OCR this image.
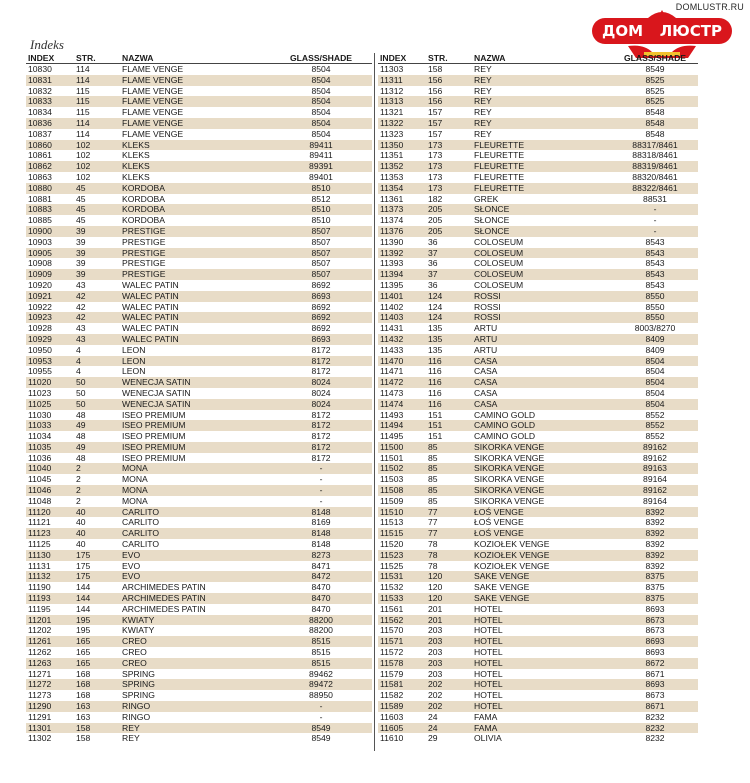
DOMLUSTR.RU
ДОМ ЛЮСТР
Indeks
INDEX	STR.	NAZWA	GLASS/SHADE
10830	114	FLAME VENGE	8504
10831	114	FLAME VENGE	8504
10832	115	FLAME VENGE	8504
10833	115	FLAME VENGE	8504
10834	115	FLAME VENGE	8504
10836	114	FLAME VENGE	8504
10837	114	FLAME VENGE	8504
10860	102	KLEKS	89411
10861	102	KLEKS	89411
10862	102	KLEKS	89391
10863	102	KLEKS	89401
10880	45	KORDOBA	8510
10881	45	KORDOBA	8512
10883	45	KORDOBA	8510
10885	45	KORDOBA	8510
10900	39	PRESTIGE	8507
10903	39	PRESTIGE	8507
10905	39	PRESTIGE	8507
10908	39	PRESTIGE	8507
10909	39	PRESTIGE	8507
10920	43	WALEC PATIN	8692
10921	42	WALEC PATIN	8693
10922	42	WALEC PATIN	8692
10923	42	WALEC PATIN	8692
10928	43	WALEC PATIN	8692
10929	43	WALEC PATIN	8693
10950	4	LEON	8172
10953	4	LEON	8172
10955	4	LEON	8172
11020	50	WENECJA SATIN	8024
11023	50	WENECJA SATIN	8024
11025	50	WENECJA SATIN	8024
11030	48	ISEO PREMIUM	8172
11033	49	ISEO PREMIUM	8172
11034	48	ISEO PREMIUM	8172
11035	49	ISEO PREMIUM	8172
11036	48	ISEO PREMIUM	8172
11040	2	MONA	-
11045	2	MONA	-
11046	2	MONA	-
11048	2	MONA	-
11120	40	CARLITO	8148
11121	40	CARLITO	8169
11123	40	CARLITO	8148
11125	40	CARLITO	8148
11130	175	EVO	8273
11131	175	EVO	8471
11132	175	EVO	8472
11190	144	ARCHIMEDES PATIN	8470
11193	144	ARCHIMEDES PATIN	8470
11195	144	ARCHIMEDES PATIN	8470
11201	195	KWIATY	88200
11202	195	KWIATY	88200
11261	165	CREO	8515
11262	165	CREO	8515
11263	165	CREO	8515
11271	168	SPRING	89462
11272	168	SPRING	89472
11273	168	SPRING	88950
11290	163	RINGO	-
11291	163	RINGO	-
11301	158	REY	8549
11302	158	REY	8549
INDEX	STR.	NAZWA	GLASS/SHADE
11303	158	REY	8549
11311	156	REY	8525
11312	156	REY	8525
11313	156	REY	8525
11321	157	REY	8548
11322	157	REY	8548
11323	157	REY	8548
11350	173	FLEURETTE	88317/8461
11351	173	FLEURETTE	88318/8461
11352	173	FLEURETTE	88319/8461
11353	173	FLEURETTE	88320/8461
11354	173	FLEURETTE	88322/8461
11361	182	GREK	88531
11373	205	SŁONCE	-
11374	205	SŁONCE	-
11376	205	SŁONCE	-
11390	36	COLOSEUM	8543
11392	37	COLOSEUM	8543
11393	36	COLOSEUM	8543
11394	37	COLOSEUM	8543
11395	36	COLOSEUM	8543
11401	124	ROSSI	8550
11402	124	ROSSI	8550
11403	124	ROSSI	8550
11431	135	ARTU	8003/8270
11432	135	ARTU	8409
11433	135	ARTU	8409
11470	116	CASA	8504
11471	116	CASA	8504
11472	116	CASA	8504
11473	116	CASA	8504
11474	116	CASA	8504
11493	151	CAMINO GOLD	8552
11494	151	CAMINO GOLD	8552
11495	151	CAMINO GOLD	8552
11500	85	SIKORKA VENGE	89162
11501	85	SIKORKA VENGE	89162
11502	85	SIKORKA VENGE	89163
11503	85	SIKORKA VENGE	89164
11508	85	SIKORKA VENGE	89162
11509	85	SIKORKA VENGE	89164
11510	77	ŁOŚ VENGE	8392
11513	77	ŁOŚ VENGE	8392
11515	77	ŁOŚ VENGE	8392
11520	78	KOZIOŁEK VENGE	8392
11523	78	KOZIOŁEK VENGE	8392
11525	78	KOZIOŁEK VENGE	8392
11531	120	SAKE VENGE	8375
11532	120	SAKE VENGE	8375
11533	120	SAKE VENGE	8375
11561	201	HOTEL	8693
11562	201	HOTEL	8673
11570	203	HOTEL	8673
11571	203	HOTEL	8693
11572	203	HOTEL	8693
11578	203	HOTEL	8672
11579	203	HOTEL	8671
11581	202	HOTEL	8693
11582	202	HOTEL	8673
11589	202	HOTEL	8671
11603	24	FAMA	8232
11605	24	FAMA	8232
11610	29	OLIVIA	8232
